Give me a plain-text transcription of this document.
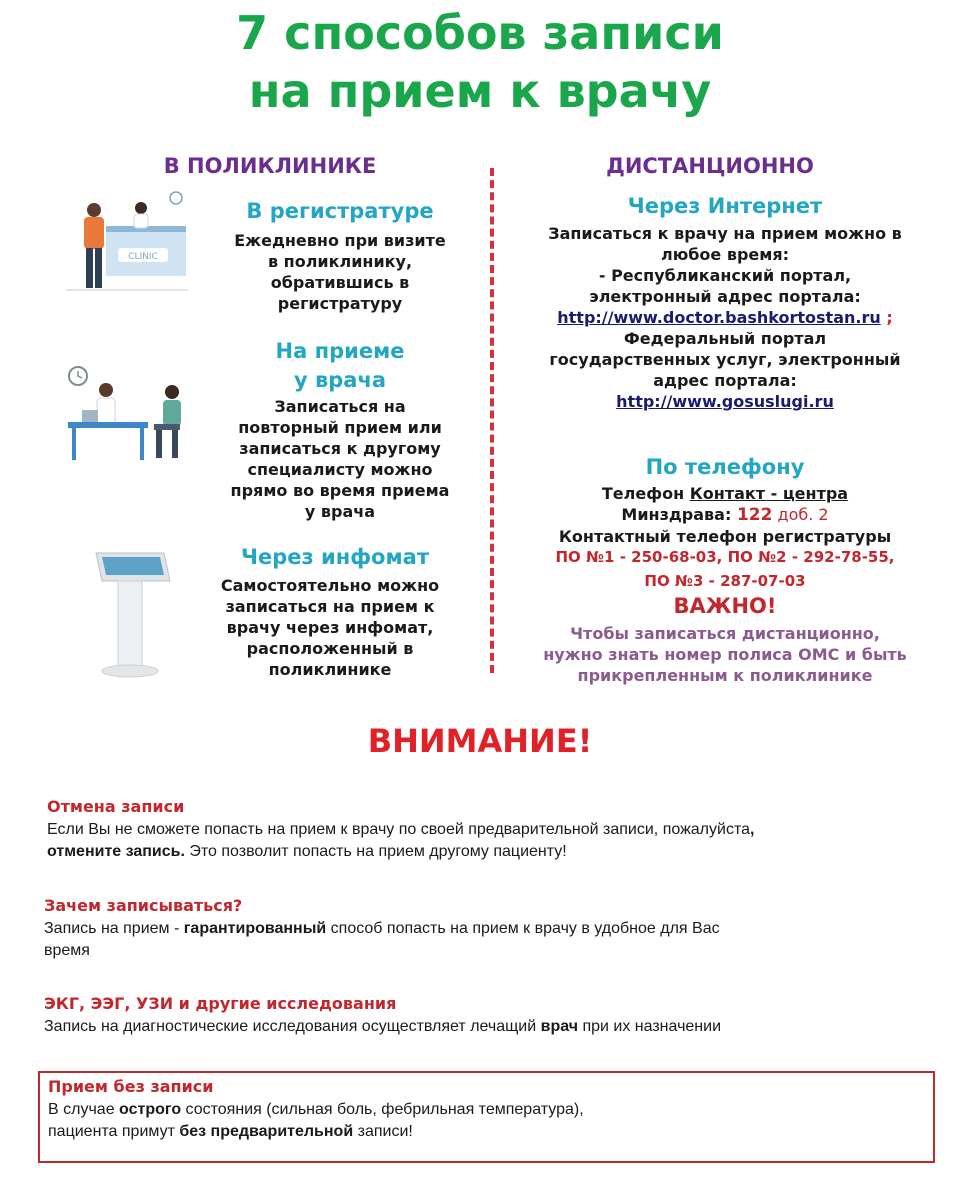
7 способов записи
на прием к врачу
В ПОЛИКЛИНИКЕ	ДИСТАНЦИОННО
CLINIC
В регистратуре
Ежедневно при визите
в поликлинику,
обратившись в
регистратуру
На приеме
у врача
Записаться на
повторный прием или
записаться к другому
специалисту можно
прямо во время приема
у врача
Через инфомат
Самостоятельно можно
записаться на прием к
врачу через инфомат,
расположенный в
поликлинике
Через Интернет
Записаться к врачу на прием можно в
любое время:
- Республиканский портал,
электронный адрес портала:
http://www.doctor.bashkortostan.ru ;
Федеральный портал
государственных услуг, электронный
адрес портала:
http://www.gosuslugi.ru
По телефону
Телефон Контакт - центра
Минздрава: 122 доб. 2
Контактный телефон регистратуры
ПО №1 - 250-68-03, ПО №2 - 292-78-55,
ПО №3 - 287-07-03
ВАЖНО!
Чтобы записаться дистанционно,
нужно знать номер полиса ОМС и быть
прикрепленным к поликлинике
ВНИМАНИЕ!
Отмена записи
Если Вы не сможете попасть на прием к врачу по своей предварительной записи, пожалуйста,
отмените запись. Это позволит попасть на прием другому пациенту!
Зачем записываться?
Запись на прием - гарантированный способ попасть на прием к врачу в удобное для Вас
время
ЭКГ, ЭЭГ, УЗИ и другие исследования
Запись на диагностические исследования осуществляет лечащий врач при их назначении
Прием без записи
В случае острого состояния (сильная боль, фебрильная температура),
пациента примут без предварительной записи!
